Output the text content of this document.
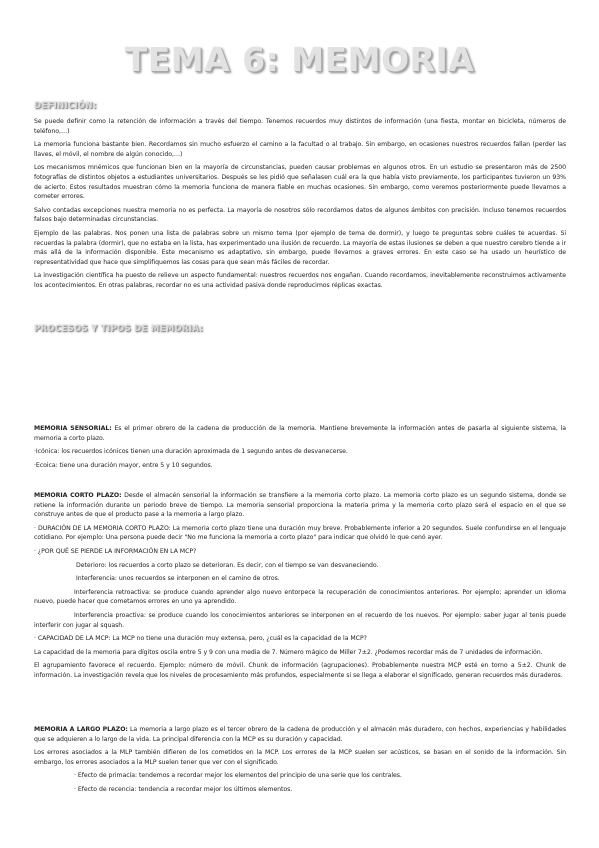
TEMA 6: MEMORIA
DEFINICIÓN:

Se puede definir como la retención de información a través del tiempo. Tenemos recuerdos muy distintos de información (una fiesta, montar en bicicleta, números de teléfono,…)

La memoria funciona bastante bien. Recordamos sin mucho esfuerzo el camino a la facultad o al trabajo. Sin embargo, en ocasiones nuestros recuerdos fallan (perder las llaves, el móvil, el nombre de algún conocido,…)

Los mecanismos mnémicos que funcionan bien en la mayoría de circunstancias, pueden causar problemas en algunos otros. En un estudio se presentaron más de 2500 fotografías de distintos objetos a estudiantes universitarios. Después se les pidió que señalasen cuál era la que había visto previamente, los participantes tuvieron un 93% de acierto. Estos resultados muestran cómo la memoria funciona de manera fiable en muchas ocasiones. Sin embargo, como veremos posteriormente puede llevarnos a cometer errores.

Salvo contadas excepciones nuestra memoria no es perfecta. La mayoría de nosotros sólo recordamos datos de algunos ámbitos con precisión. Incluso tenemos recuerdos falsos bajo determinadas circunstancias.

Ejemplo de las palabras. Nos ponen una lista de palabras sobre un mismo tema (por ejemplo de tema de dormir), y luego te preguntas sobre cuáles te acuerdas. Si recuerdas la palabra (dormir), que no estaba en la lista, has experimentado una ilusión de recuerdo. La mayoría de estas ilusiones se deben a que nuestro cerebro tiende a ir más allá de la información disponible. Este mecanismo es adaptativo, sin embargo, puede llevarnos a graves errores. En este caso se ha usado un heurístico de representatividad que hace que simplifiquemos las cosas para que sean más fáciles de recordar.

La investigación científica ha puesto de relieve un aspecto fundamental: nuestros recuerdos nos engañan. Cuando recordamos, inevitablemente reconstruimos activamente los acontecimientos. En otras palabras, recordar no es una actividad pasiva donde reproducimos réplicas exactas.

PROCESOS Y TIPOS DE MEMORIA:

MEMORIA SENSORIAL: Es el primer obrero de la cadena de producción de la memoria. Mantiene brevemente la información antes de pasarla al siguiente sistema, la memoria a corto plazo.

·Icónica: los recuerdos icónicos tienen una duración aproximada de 1 segundo antes de desvanecerse.

·Ecoica: tiene una duración mayor, entre 5 y 10 segundos.

MEMORIA CORTO PLAZO: Desde el almacén sensorial la información se transfiere a la memoria corto plazo. La memoria corto plazo es un segundo sistema, donde se retiene la información durante un periodo breve de tiempo. La memoria sensorial proporciona la materia prima y la memoria corto plazo será el espacio en el que se construye antes de que el producto pase a la memoria a largo plazo.

· DURACIÓN DE LA MEMORIA CORTO PLAZO: La memoria corto plazo tiene una duración muy breve. Probablemente inferior a 20 segundos. Suele confundirse en el lenguaje cotidiano. Por ejemplo: Una persona puede decir "No me funciona la memoria a corto plazo" para indicar que olvidó lo que cenó ayer.

· ¿POR QUÉ SE PIERDE LA INFORMACIÓN EN LA MCP?

Deterioro: los recuerdos a corto plazo se deterioran. Es decir, con el tiempo se van desvaneciendo.

Interferencia: unos recuerdos se interponen en el camino de otros.

Interferencia retroactiva: se produce cuando aprender algo nuevo entorpece la recuperación de conocimientos anteriores. Por ejemplo; aprender un idioma nuevo, puede hacer que cometamos errores en uno ya aprendido.

Interferencia proactiva: se produce cuando los conocimientos anteriores se interponen en el recuerdo de los nuevos. Por ejemplo: saber jugar al tenis puede interferir con jugar al squash.

· CAPACIDAD DE LA MCP: La MCP no tiene una duración muy extensa, pero, ¿cuál es la capacidad de la MCP?

La capacidad de la memoria para dígitos oscila entre 5 y 9 con una media de 7. Número mágico de Miller 7±2. ¿Podemos recordar más de 7 unidades de información.

El agrupamiento favorece el recuerdo. Ejemplo: número de móvil. Chunk de información (agrupaciones). Probablemente nuestra MCP esté en torno a 5±2. Chunk de información. La investigación revela que los niveles de procesamiento más profundos, especialmente si se llega a elaborar el significado, generan recuerdos más duraderos.

MEMORIA A LARGO PLAZO: La memoria a largo plazo es el tercer obrero de la cadena de producción y el almacén más duradero, con hechos, experiencias y habilidades que se adquieren a lo largo de la vida. La principal diferencia con la MCP es su duración y capacidad.

Los errores asociados a la MLP también difieren de los cometidos en la MCP. Los errores de la MCP suelen ser acústicos, se basan en el sonido de la información. Sin embargo, los errores asociados a la MLP suelen tener que ver con el significado.

· Efecto de primacía: tendemos a recordar mejor los elementos del principio de una serie que los centrales.

· Efecto de recencia: tendencia a recordar mejor los últimos elementos.
